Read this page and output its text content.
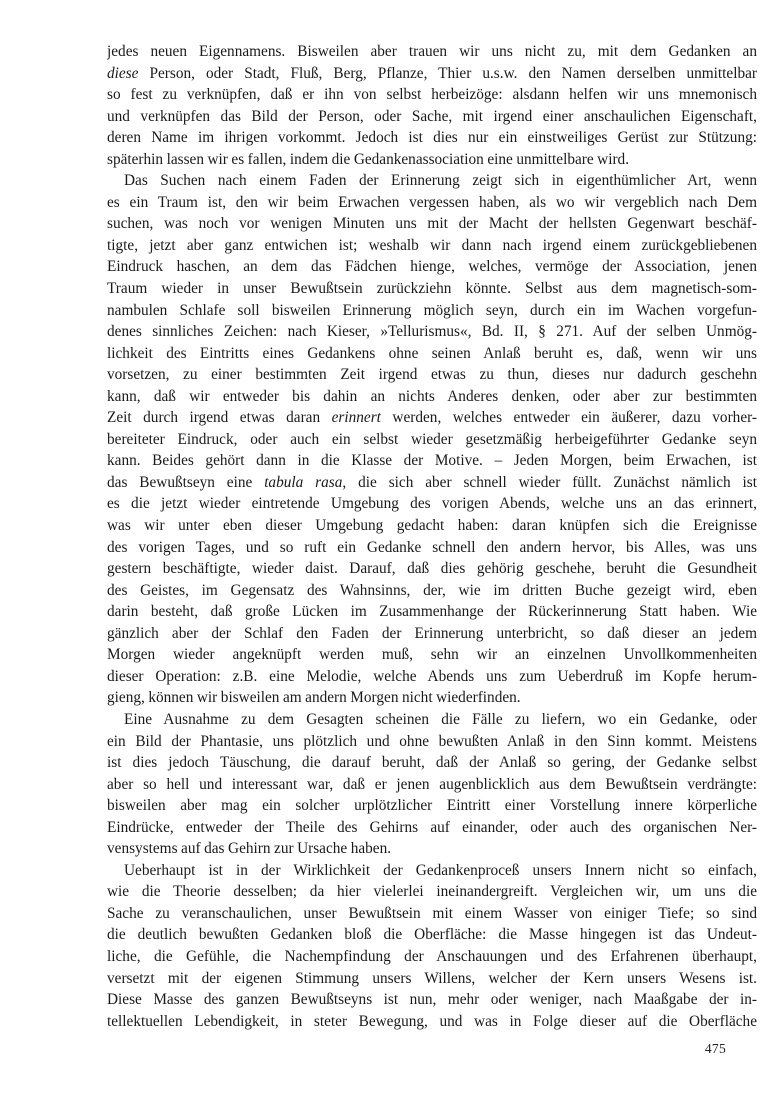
jedes neuen Eigennamens. Bisweilen aber trauen wir uns nicht zu, mit dem Gedanken an
diese Person, oder Stadt, Fluß, Berg, Pflanze, Thier u.s.w. den Namen derselben unmittelbar
so fest zu verknüpfen, daß er ihn von selbst herbeizöge: alsdann helfen wir uns mnemonisch
und verknüpfen das Bild der Person, oder Sache, mit irgend einer anschaulichen Eigenschaft,
deren Name im ihrigen vorkommt. Jedoch ist dies nur ein einstweiliges Gerüst zur Stützung:
späterhin lassen wir es fallen, indem die Gedankenassociation eine unmittelbare wird.
Das Suchen nach einem Faden der Erinnerung zeigt sich in eigenthümlicher Art, wenn
es ein Traum ist, den wir beim Erwachen vergessen haben, als wo wir vergeblich nach Dem
suchen, was noch vor wenigen Minuten uns mit der Macht der hellsten Gegenwart beschäf-
tigte, jetzt aber ganz entwichen ist; weshalb wir dann nach irgend einem zurückgebliebenen
Eindruck haschen, an dem das Fädchen hienge, welches, vermöge der Association, jenen
Traum wieder in unser Bewußtsein zurückziehn könnte. Selbst aus dem magnetisch-som-
nambulen Schlafe soll bisweilen Erinnerung möglich seyn, durch ein im Wachen vorgefun-
denes sinnliches Zeichen: nach Kieser, »Tellurismus«, Bd. II, § 271. Auf der selben Unmög-
lichkeit des Eintritts eines Gedankens ohne seinen Anlaß beruht es, daß, wenn wir uns
vorsetzen, zu einer bestimmten Zeit irgend etwas zu thun, dieses nur dadurch geschehn
kann, daß wir entweder bis dahin an nichts Anderes denken, oder aber zur bestimmten
Zeit durch irgend etwas daran erinnert werden, welches entweder ein äußerer, dazu vorher-
bereiteter Eindruck, oder auch ein selbst wieder gesetzmäßig herbeigeführter Gedanke seyn
kann. Beides gehört dann in die Klasse der Motive. – Jeden Morgen, beim Erwachen, ist
das Bewußtseyn eine tabula rasa, die sich aber schnell wieder füllt. Zunächst nämlich ist
es die jetzt wieder eintretende Umgebung des vorigen Abends, welche uns an das erinnert,
was wir unter eben dieser Umgebung gedacht haben: daran knüpfen sich die Ereignisse
des vorigen Tages, und so ruft ein Gedanke schnell den andern hervor, bis Alles, was uns
gestern beschäftigte, wieder daist. Darauf, daß dies gehörig geschehe, beruht die Gesundheit
des Geistes, im Gegensatz des Wahnsinns, der, wie im dritten Buche gezeigt wird, eben
darin besteht, daß große Lücken im Zusammenhange der Rückerinnerung Statt haben. Wie
gänzlich aber der Schlaf den Faden der Erinnerung unterbricht, so daß dieser an jedem
Morgen wieder angeknüpft werden muß, sehn wir an einzelnen Unvollkommenheiten
dieser Operation: z.B. eine Melodie, welche Abends uns zum Ueberdruß im Kopfe herum-
gieng, können wir bisweilen am andern Morgen nicht wiederfinden.
Eine Ausnahme zu dem Gesagten scheinen die Fälle zu liefern, wo ein Gedanke, oder
ein Bild der Phantasie, uns plötzlich und ohne bewußten Anlaß in den Sinn kommt. Meistens
ist dies jedoch Täuschung, die darauf beruht, daß der Anlaß so gering, der Gedanke selbst
aber so hell und interessant war, daß er jenen augenblicklich aus dem Bewußtsein verdrängte:
bisweilen aber mag ein solcher urplötzlicher Eintritt einer Vorstellung innere körperliche
Eindrücke, entweder der Theile des Gehirns auf einander, oder auch des organischen Ner-
vensystems auf das Gehirn zur Ursache haben.
Ueberhaupt ist in der Wirklichkeit der Gedankenproceß unsers Innern nicht so einfach,
wie die Theorie desselben; da hier vielerlei ineinandergreift. Vergleichen wir, um uns die
Sache zu veranschaulichen, unser Bewußtsein mit einem Wasser von einiger Tiefe; so sind
die deutlich bewußten Gedanken bloß die Oberfläche: die Masse hingegen ist das Undeut-
liche, die Gefühle, die Nachempfindung der Anschauungen und des Erfahrenen überhaupt,
versetzt mit der eigenen Stimmung unsers Willens, welcher der Kern unsers Wesens ist.
Diese Masse des ganzen Bewußtseyns ist nun, mehr oder weniger, nach Maaßgabe der in-
tellektuellen Lebendigkeit, in steter Bewegung, und was in Folge dieser auf die Oberfläche
475
